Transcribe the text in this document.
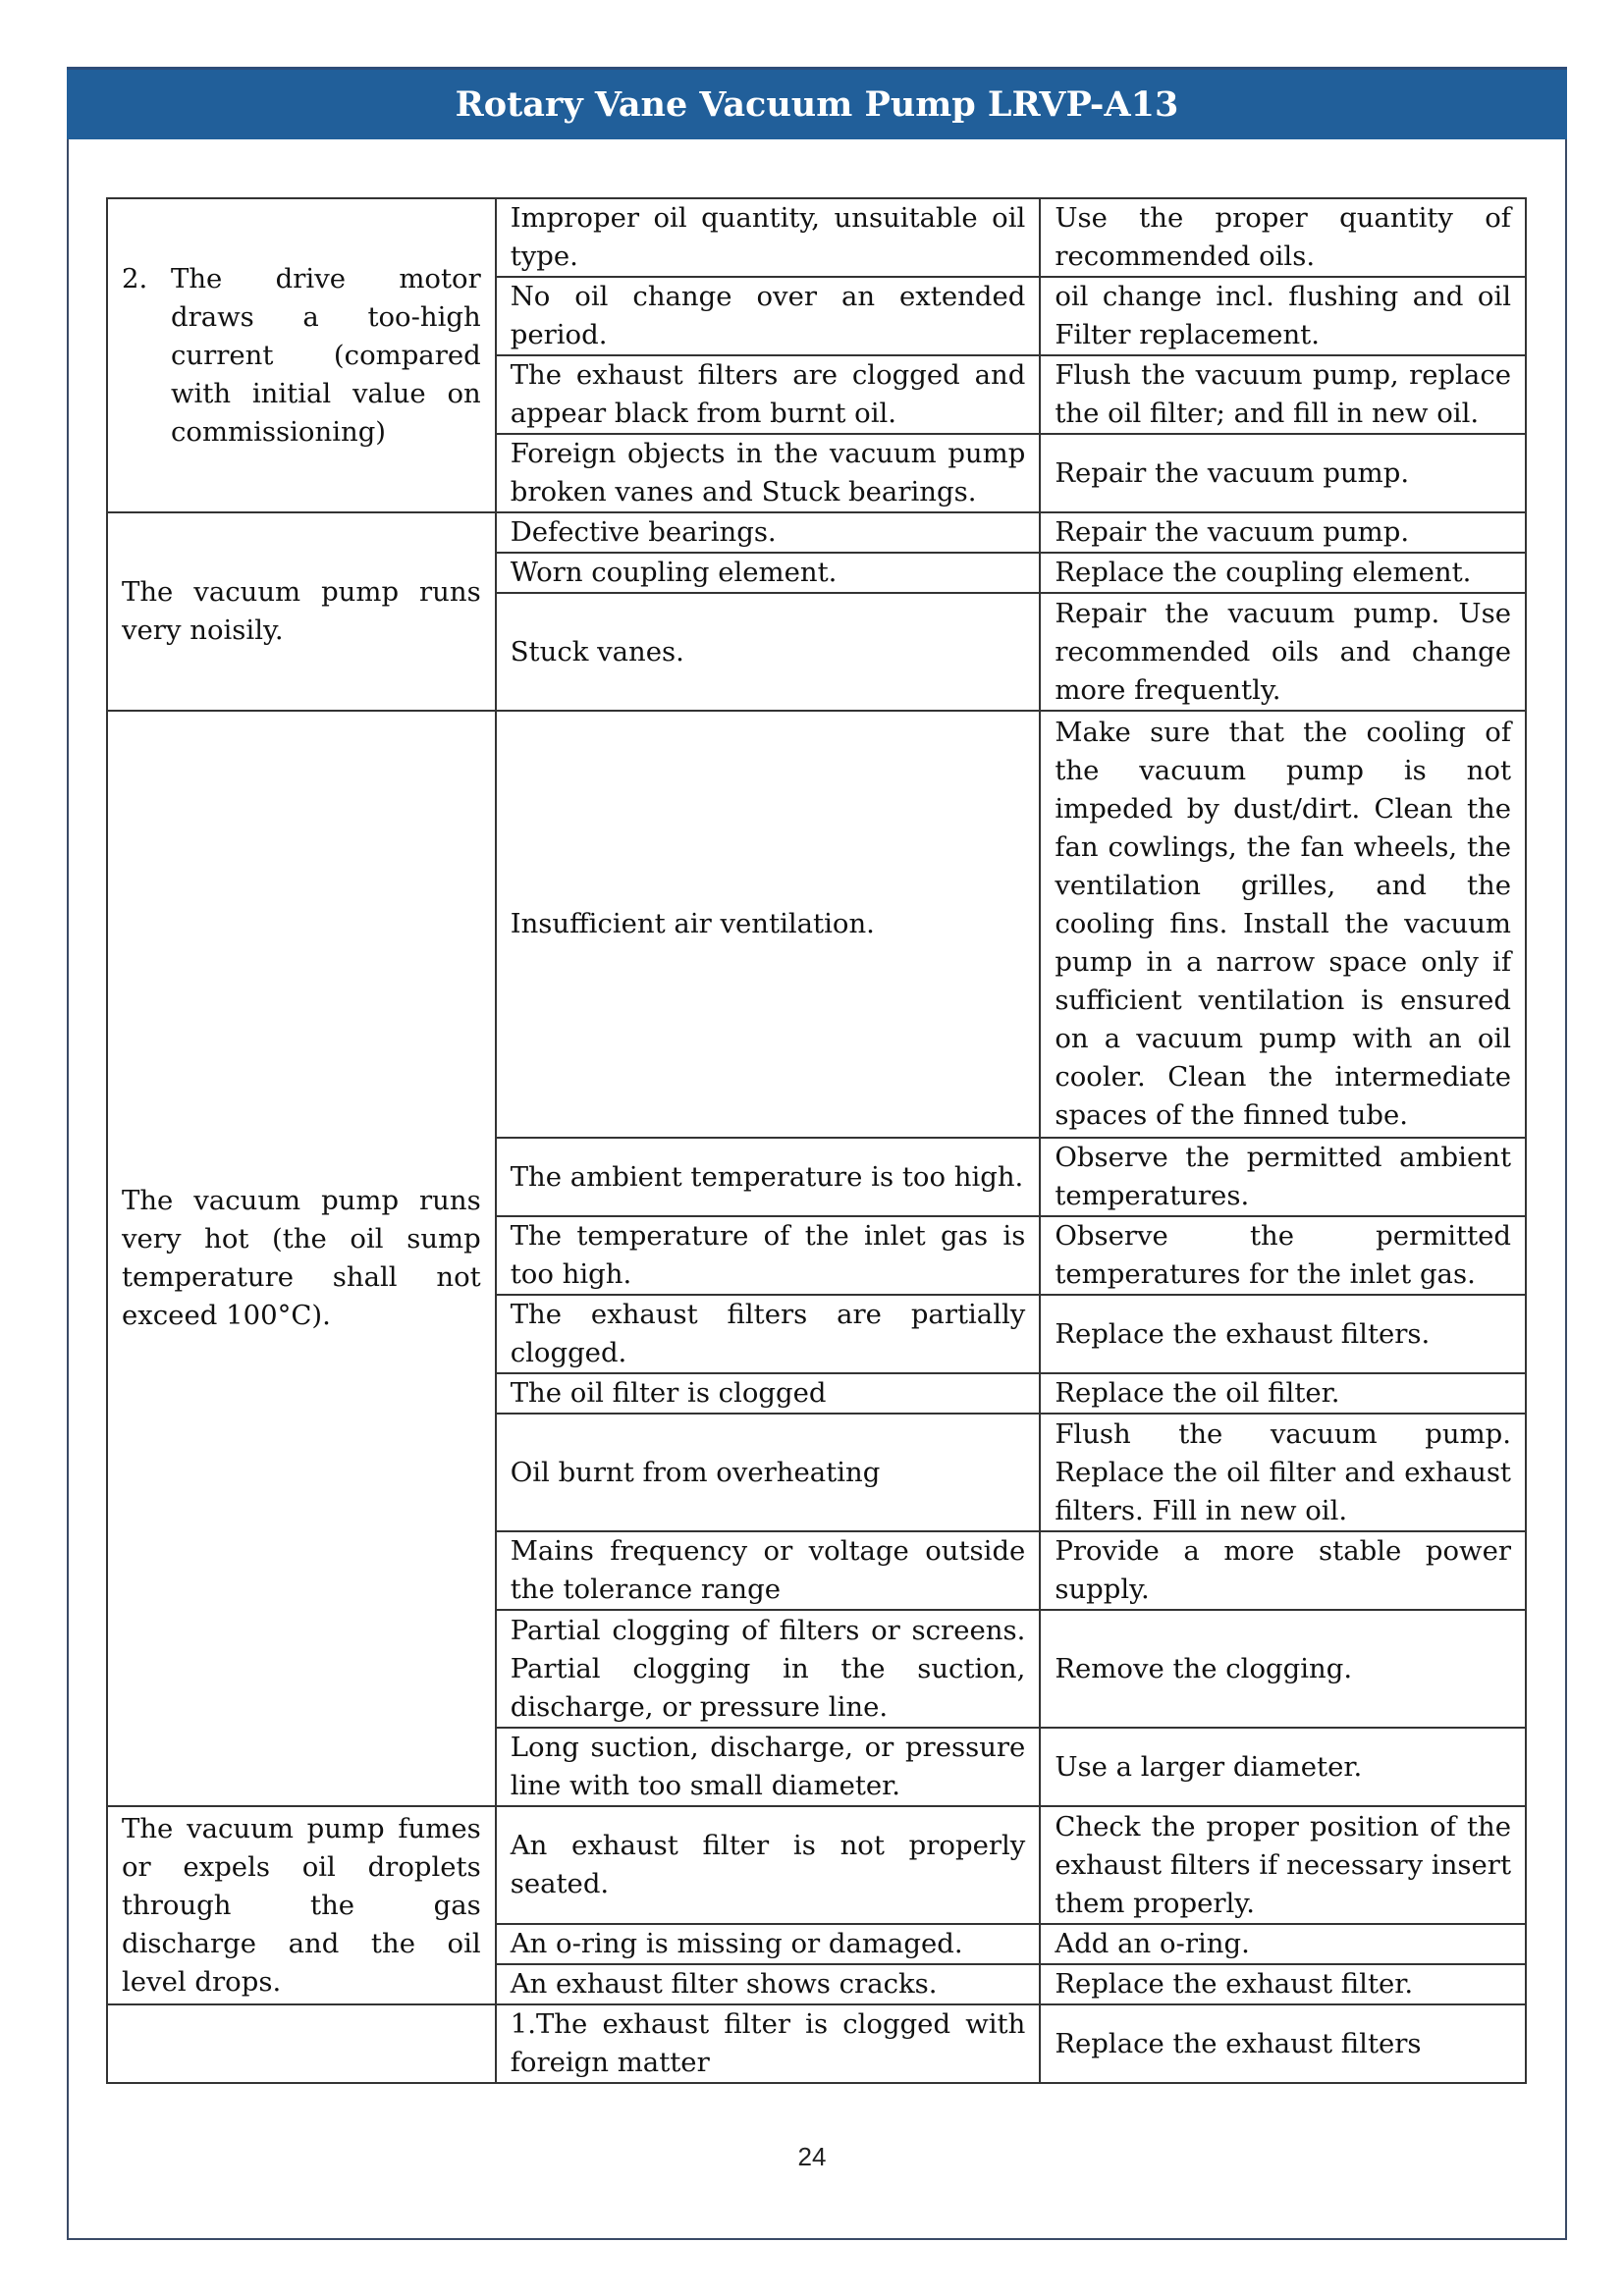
Rotary Vane Vacuum Pump LRVP-A13
2. The drive motor draws a too-high current (compared with initial value on commissioning)	Improper oil quantity, unsuitable oil type.	Use the proper quantity of recommended oils.
	No oil change over an extended period.	oil change incl. flushing and oil Filter replacement.
	The exhaust filters are clogged and appear black from burnt oil.	Flush the vacuum pump, replace the oil filter; and fill in new oil.
	Foreign objects in the vacuum pump broken vanes and Stuck bearings.	Repair the vacuum pump.
The vacuum pump runs very noisily.	Defective bearings.	Repair the vacuum pump.
	Worn coupling element.	Replace the coupling element.
	Stuck vanes.	Repair the vacuum pump. Use recommended oils and change more frequently.
The vacuum pump runs very hot (the oil sump temperature shall not exceed 100°C).	Insufficient air ventilation.	Make sure that the cooling of the vacuum pump is not impeded by dust/dirt. Clean the fan cowlings, the fan wheels, the ventilation grilles, and the cooling fins. Install the vacuum pump in a narrow space only if sufficient ventilation is ensured on a vacuum pump with an oil cooler. Clean the intermediate spaces of the finned tube.
	The ambient temperature is too high.	Observe the permitted ambient temperatures.
	The temperature of the inlet gas is too high.	Observe the permitted temperatures for the inlet gas.
	The exhaust filters are partially clogged.	Replace the exhaust filters.
	The oil filter is clogged	Replace the oil filter.
	Oil burnt from overheating	Flush the vacuum pump. Replace the oil filter and exhaust filters. Fill in new oil.
	Mains frequency or voltage outside the tolerance range	Provide a more stable power supply.
	Partial clogging of filters or screens. Partial clogging in the suction, discharge, or pressure line.	Remove the clogging.
	Long suction, discharge, or pressure line with too small diameter.	Use a larger diameter.
The vacuum pump fumes or expels oil droplets through the gas discharge and the oil level drops.	An exhaust filter is not properly seated.	Check the proper position of the exhaust filters if necessary insert them properly.
	An o-ring is missing or damaged.	Add an o-ring.
	An exhaust filter shows cracks.	Replace the exhaust filter.
	1.The exhaust filter is clogged with foreign matter	Replace the exhaust filters
24
